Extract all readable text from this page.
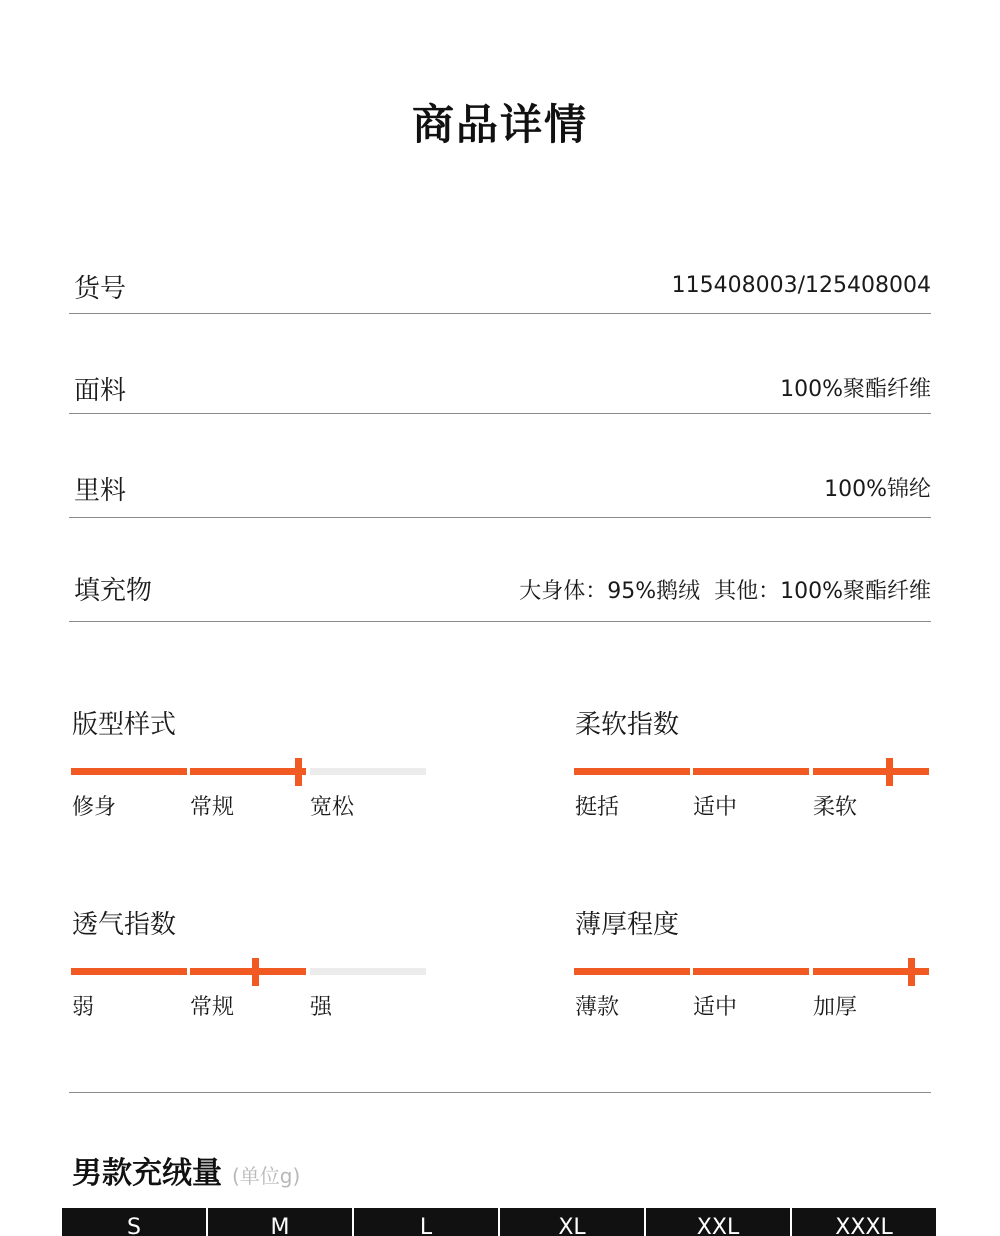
商品详情
货号	115408003/125408004
面料	100%聚酯纤维
里料	100%锦纶
填充物	大身体：95%鹅绒  其他：100%聚酯纤维
版型样式
修身	常规	宽松
柔软指数
挺括	适中	柔软
透气指数
弱	常规	强
薄厚程度
薄款	适中	加厚
男款充绒量 (单位g)
S	M	L	XL	XXL	XXXL
